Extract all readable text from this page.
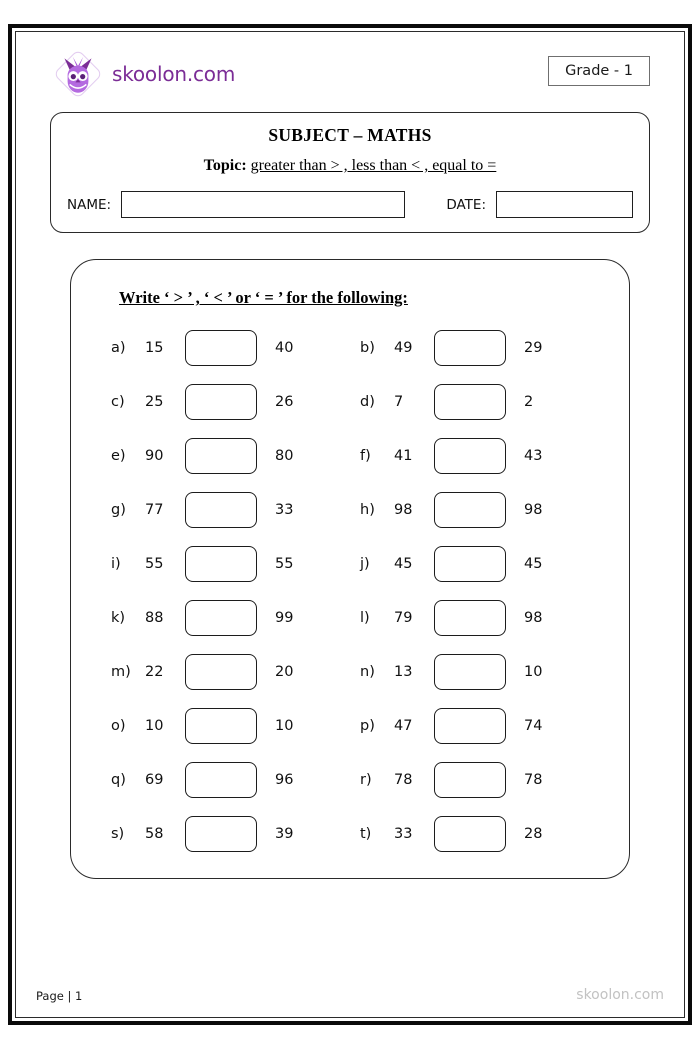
skoolon.com	Grade - 1
SUBJECT – MATHS
Topic: greater than > , less than < , equal to =
NAME:	DATE:
Write ‘ > ’ , ‘ < ’ or ‘ = ’ for the following:
a)	15	40	b)	49	29
c)	25	26	d)	7	2
e)	90	80	f)	41	43
g)	77	33	h)	98	98
i)	55	55	j)	45	45
k)	88	99	l)	79	98
m) 22	20	n)	13	10
o)	10	10	p)	47	74
q)	69	96	r)	78	78
s)	58	39	t)	33	28
Page | 1	skoolon.com
